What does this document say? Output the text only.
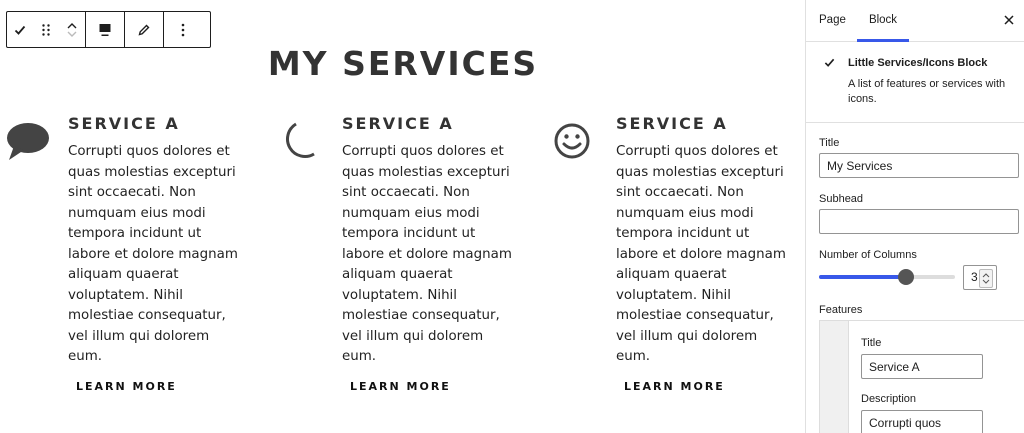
MY SERVICES
SERVICE A

Corrupti quos dolores et quas molestias excepturi sint occaecati. Non numquam eius modi tempora incidunt ut labore et dolore magnam aliquam quaerat voluptatem. Nihil molestiae consequatur, vel illum qui dolorem eum.

LEARN MORE
SERVICE A

Corrupti quos dolores et quas molestias excepturi sint occaecati. Non numquam eius modi tempora incidunt ut labore et dolore magnam aliquam quaerat voluptatem. Nihil molestiae consequatur, vel illum qui dolorem eum.

LEARN MORE
SERVICE A

Corrupti quos dolores et quas molestias excepturi sint occaecati. Non numquam eius modi tempora incidunt ut labore et dolore magnam aliquam quaerat voluptatem. Nihil molestiae consequatur, vel illum qui dolorem eum.

LEARN MORE
Page	Block
Little Services/Icons Block
A list of features or services with icons.
Title
My Services
Subhead
Number of Columns
3
Features
Title
Service A
Description
Corrupti quos
